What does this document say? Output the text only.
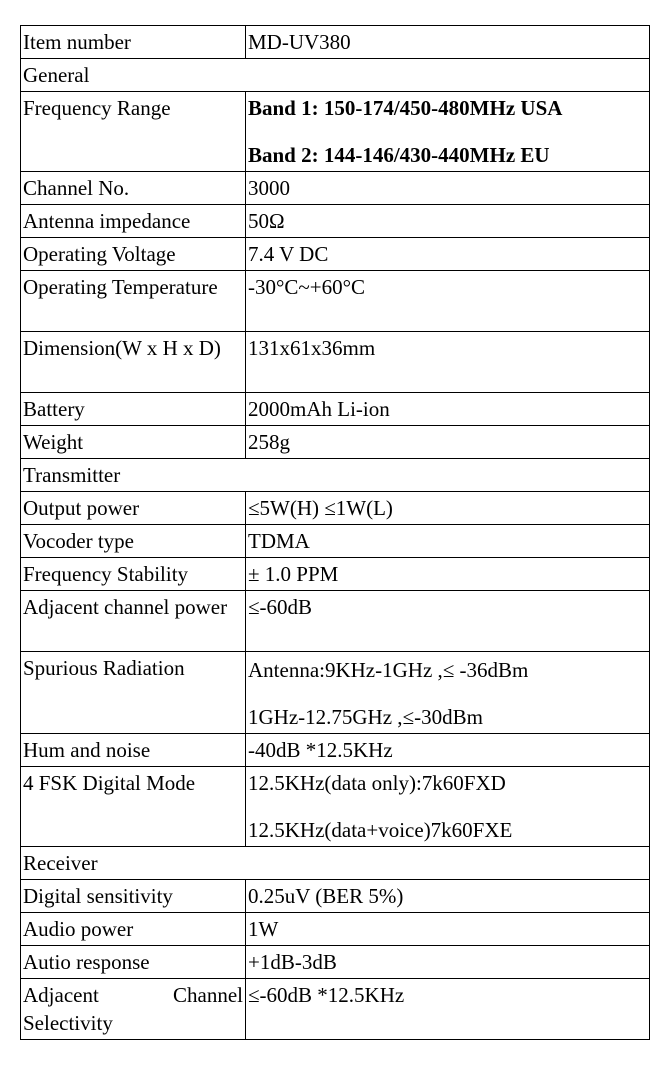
Item number	MD-UV380
General	
Frequency Range	Band 1: 150-174/450-480MHz USA
Band 2: 144-146/430-440MHz EU

Channel No.	3000
Antenna impedance	50Ω
Operating Voltage	7.4 V DC
Operating Temperature	-30°C~+60°C
Dimension(W x H x D)	131x61x36mm
Battery	2000mAh Li-ion
Weight	258g
Transmitter	
Output power	≤5W(H) ≤1W(L)
Vocoder type	TDMA
Frequency Stability	± 1.0 PPM
Adjacent channel power	≤-60dB
Spurious Radiation	Antenna:9KHz-1GHz ,≤ -36dBm
1GHz-12.75GHz ,≤-30dBm

Hum and noise	-40dB *12.5KHz
4 FSK Digital Mode	12.5KHz(data only):7k60FXD
12.5KHz(data+voice)7k60FXE

Receiver	
Digital sensitivity	0.25uV (BER 5%)
Audio power	1W
Autio response	+1dB-3dB
Adjacent Channel Selectivity	≤-60dB *12.5KHz
